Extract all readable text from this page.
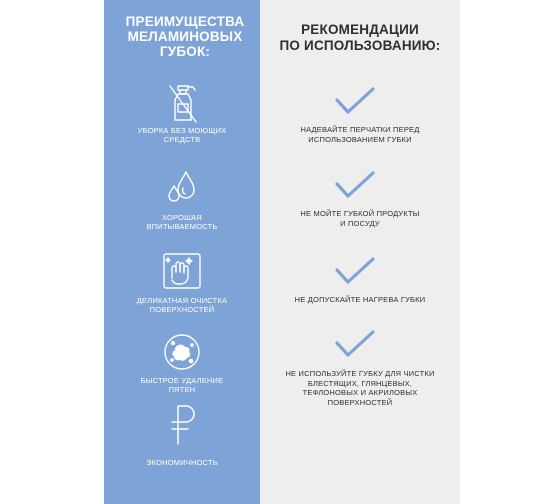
ПРЕИМУЩЕСТВА
МЕЛАМИНОВЫХ
ГУБОК:
РЕКОМЕНДАЦИИ
ПО ИСПОЛЬЗОВАНИЮ:
УБОРКА БЕЗ МОЮЩИХ
СРЕДСТВ
ХОРОШАЯ
ВПИТЫВАЕМОСТЬ
ДЕЛИКАТНАЯ ОЧИСТКА
ПОВЕРХНОСТЕЙ
БЫСТРОЕ УДАЛЕНИЕ
ПЯТЕН
ЭКОНОМИЧНОСТЬ
НАДЕВАЙТЕ ПЕРЧАТКИ ПЕРЕД
ИСПОЛЬЗОВАНИЕМ ГУБКИ
НЕ МОЙТЕ ГУБКОЙ ПРОДУКТЫ
И ПОСУДУ
НЕ ДОПУСКАЙТЕ НАГРЕВА ГУБКИ
НЕ ИСПОЛЬЗУЙТЕ ГУБКУ ДЛЯ ЧИСТКИ
БЛЕСТЯЩИХ, ГЛЯНЦЕВЫХ,
ТЕФЛОНОВЫХ И АКРИЛОВЫХ
ПОВЕРХНОСТЕЙ
